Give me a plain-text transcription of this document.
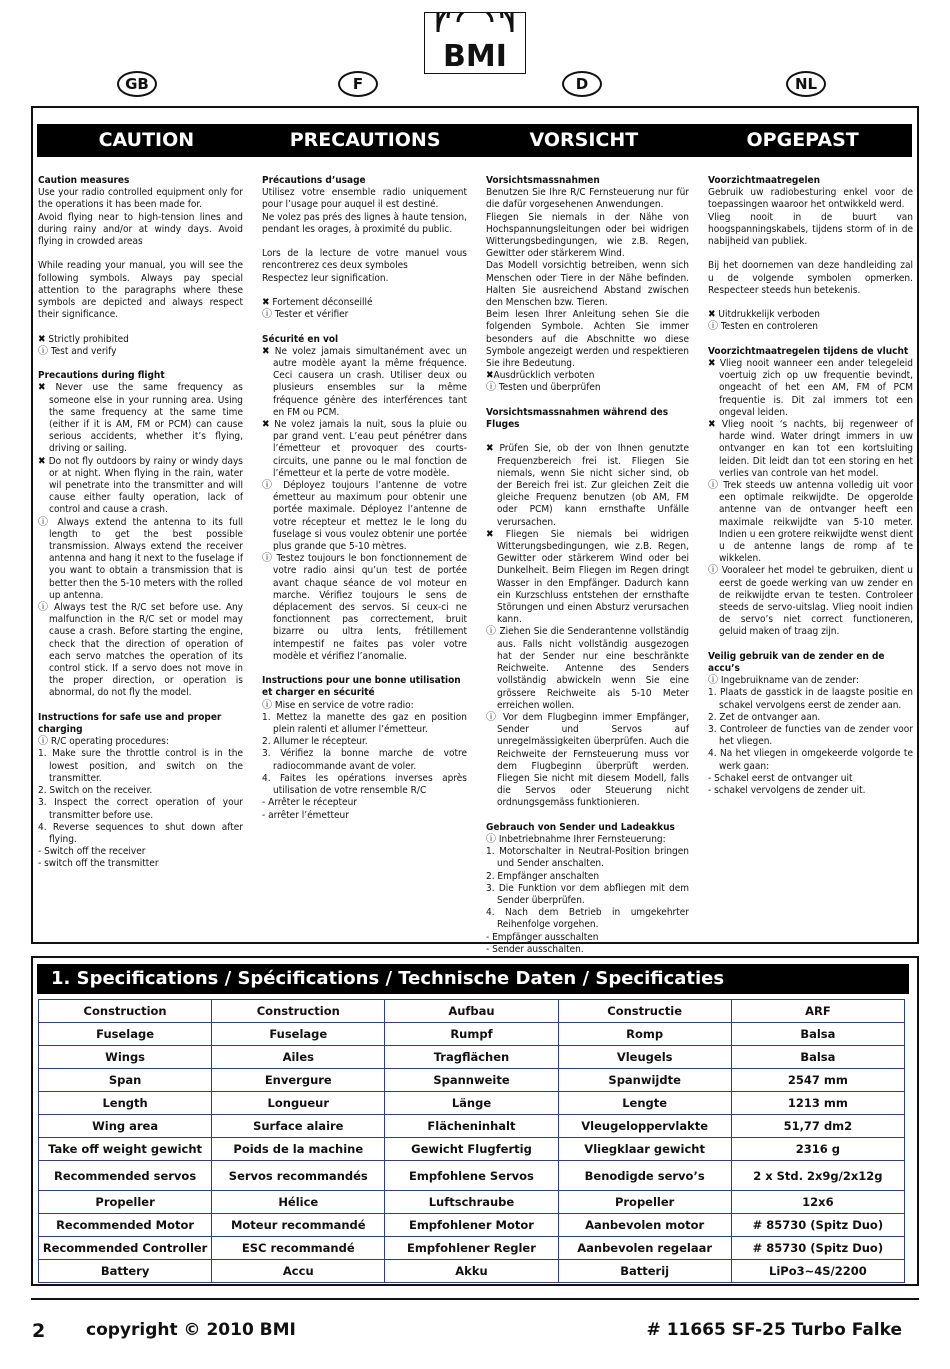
BMI
GB	F	D	NL
CAUTION	PRECAUTIONS	VORSICHT	OPGEPAST

Caution measures

Use your radio controlled equipment only for the operations it has been made for.

Avoid flying near to high-tension lines and during rainy and/or at windy days. Avoid flying in crowded areas

While reading your manual, you will see the following symbols. Always pay special attention to the paragraphs where these symbols are depicted and always respect their significance.

✖ Strictly prohibited

ⓘ Test and verify

Precautions during flight

✖ Never use the same frequency as someone else in your running area. Using the same frequency at the same time (either if it is AM, FM or PCM) can cause serious accidents, whether it’s flying, driving or sailing.

✖ Do not fly outdoors by rainy or windy days or at night. When flying in the rain, water wil penetrate into the transmitter and will cause either faulty operation, lack of control and cause a crash.

ⓘ Always extend the antenna to its full length to get the best possible transmission. Always extend the receiver antenna and hang it next to the fuselage if you want to obtain a transmission that is better then the 5-10 meters with the rolled up antenna.

ⓘ Always test the R/C set before use. Any malfunction in the R/C set or model may cause a crash. Before starting the engine, check that the direction of operation of each servo matches the operation of its control stick. If a servo does not move in the proper direction, or operation is abnormal, do not fly the model.

Instructions for safe use and proper charging

ⓘ R/C operating procedures:

1. Make sure the throttle control is in the lowest position, and switch on the transmitter.

2. Switch on the receiver.

3. Inspect the correct operation of your transmitter before use.

4. Reverse sequences to shut down after flying.

- Switch off the receiver

- switch off the transmitter

Précautions d’usage

Utilisez votre ensemble radio uniquement pour l’usage pour auquel il est destiné.

Ne volez pas prés des lignes à haute tension, pendant les orages, à proximité du public.

Lors de la lecture de votre manuel vous rencontrerez ces deux symboles

Respectez leur signification.

✖ Fortement déconseillé

ⓘ Tester et vérifier

Sécurité en vol

✖ Ne volez jamais simultanément avec un autre modèle ayant la même fréquence. Ceci causera un crash. Utiliser deux ou plusieurs ensembles sur la même fréquence génère des interférences tant en FM ou PCM.

✖ Ne volez jamais la nuit, sous la pluie ou par grand vent. L’eau peut pénétrer dans l’émetteur et provoquer des courts-circuits, une panne ou le mal fonction de l’émetteur et la perte de votre modèle.

ⓘ Déployez toujours l’antenne de votre émetteur au maximum pour obtenir une portée maximale. Déployez l’antenne de votre récepteur et mettez le le long du fuselage si vous voulez obtenir une portée plus grande que 5-10 mètres.

ⓘ Testez toujours le bon fonctionnement de votre radio ainsi qu’un test de portée avant chaque séance de vol moteur en marche. Vérifiez toujours le sens de déplacement des servos. Si ceux-ci ne fonctionnent pas correctement, bruit bizarre ou ultra lents, frétillement intempestif ne faites pas voler votre modèle et vérifiez l’anomalie.

Instructions pour une bonne utilisation et charger en sécurité

ⓘ Mise en service de votre radio:

1. Mettez la manette des gaz en position plein ralenti et allumer l’émetteur.

2. Allumer le récepteur.

3. Vérifiez la bonne marche de votre radiocommande avant de voler.

4. Faites les opérations inverses après utilisation de votre rensemble R/C

- Arrêter le récepteur

- arrêter l’émetteur

Vorsichtsmassnahmen

Benutzen Sie Ihre R/C Fernsteuerung nur für die dafür vorgesehenen Anwendungen.

Fliegen Sie niemals in der Nähe von Hochspannungsleitungen oder bei widrigen Witterungsbedingungen, wie z.B. Regen, Gewitter oder stärkerem Wind.

Das Modell vorsichtig betreiben, wenn sich Menschen oder Tiere in der Nähe befinden. Halten Sie ausreichend Abstand zwischen den Menschen bzw. Tieren.

Beim lesen Ihrer Anleitung sehen Sie die folgenden Symbole. Achten Sie immer besonders auf die Abschnitte wo diese Symbole angezeigt werden und respektieren Sie ihre Bedeutung.

✖Ausdrücklich verboten

ⓘ Testen und überprüfen

Vorsichtsmassnahmen während des Fluges

✖ Prüfen Sie, ob der von Ihnen genutzte Frequenzbereich frei ist. Fliegen Sie niemals, wenn Sie nicht sicher sind, ob der Bereich frei ist. Zur gleichen Zeit die gleiche Frequenz benutzen (ob AM, FM oder PCM) kann ernsthafte Unfälle verursachen.

✖ Fliegen Sie niemals bei widrigen Witterungsbedingungen, wie z.B. Regen, Gewitter oder stärkerem Wind oder bei Dunkelheit. Beim Fliegen im Regen dringt Wasser in den Empfänger. Dadurch kann ein Kurzschluss entstehen der ernsthafte Störungen und einen Absturz verursachen kann.

ⓘ Ziehen Sie die Senderantenne vollständig aus. Falls nicht vollständig ausgezogen hat der Sender nur eine beschränkte Reichweite. Antenne des Senders vollständig abwickeln wenn Sie eine grössere Reichweite als 5-10 Meter erreichen wollen.

ⓘ Vor dem Flugbeginn immer Empfänger, Sender und Servos auf unregelmässigkeiten überprüfen. Auch die Reichweite der Fernsteuerung muss vor dem Flugbeginn überprüft werden. Fliegen Sie nicht mit diesem Modell, falls die Servos oder Steuerung nicht ordnungsgemäss funktionieren.

Gebrauch von Sender und Ladeakkus

ⓘ Inbetriebnahme Ihrer Fernsteuerung:

1. Motorschalter in Neutral-Position bringen und Sender anschalten.

2. Empfänger anschalten

3. Die Funktion vor dem abfliegen mit dem Sender überprüfen.

4. Nach dem Betrieb in umgekehrter Reihenfolge vorgehen.

- Empfänger ausschalten

- Sender ausschalten.

Voorzichtmaatregelen

Gebruik uw radiobesturing enkel voor de toepassingen waaroor het ontwikkeld werd.

Vlieg nooit in de buurt van hoogspanningskabels, tijdens storm of in de nabijheid van publiek.

Bij het doornemen van deze handleiding zal u de volgende symbolen opmerken. Respecteer steeds hun betekenis.

✖ Uitdrukkelijk verboden

ⓘ Testen en controleren

Voorzichtmaatregelen tijdens de vlucht

✖ Vlieg nooit wanneer een ander telegeleid voertuig zich op uw frequentie bevindt, ongeacht of het een AM, FM of PCM frequentie is. Dit zal immers tot een ongeval leiden.

✖ Vlieg nooit ‘s nachts, bij regenweer of harde wind. Water dringt immers in uw ontvanger en kan tot een kortsluiting leiden. Dit leidt dan tot een storing en het verlies van controle van het model.

ⓘ Trek steeds uw antenna volledig uit voor een optimale reikwijdte. De opgerolde antenne van de ontvanger heeft een maximale reikwijdte van 5-10 meter. Indien u een grotere reikwijdte wenst dient u de antenne langs de romp af te wikkelen.

ⓘ Vooraleer het model te gebruiken, dient u eerst de goede werking van uw zender en de reikwijdte ervan te testen. Controleer steeds de servo-uitslag. Vlieg nooit indien de servo’s niet correct functioneren, geluid maken of traag zijn.

Veilig gebruik van de zender en de accu’s

ⓘ Ingebruikname van de zender:

1. Plaats de gasstick in de laagste positie en schakel vervolgens eerst de zender aan.

2. Zet de ontvanger aan.

3. Controleer de functies van de zender voor het vliegen.

4. Na het vliegen in omgekeerde volgorde te werk gaan:

- Schakel eerst de ontvanger uit

- schakel vervolgens de zender uit.

1. Specifications / Spécifications / Technische Daten / Specificaties
Construction	Construction	Aufbau	Constructie	ARF
Fuselage	Fuselage	Rumpf	Romp	Balsa
Wings	Ailes	Tragflächen	Vleugels	Balsa
Span	Envergure	Spannweite	Spanwijdte	2547 mm
Length	Longueur	Länge	Lengte	1213 mm
Wing area	Surface alaire	Flächeninhalt	Vleugeloppervlakte	51,77 dm2
Take off weight gewicht	Poids de la machine	Gewicht Flugfertig	Vliegklaar gewicht	2316 g
Recommended servos	Servos recommandés	Empfohlene Servos	Benodigde servo’s	2 x Std. 2x9g/2x12g
Propeller	Hélice	Luftschraube	Propeller	12x6
Recommended Motor	Moteur recommandé	Empfohlener Motor	Aanbevolen motor	# 85730 (Spitz Duo)
Recommended Controller	ESC recommandé	Empfohlener Regler	Aanbevolen regelaar	# 85730 (Spitz Duo)
Battery	Accu	Akku	Batterij	LiPo3~4S/2200
2 copyright © 2010 BMI	# 11665 SF-25 Turbo Falke
